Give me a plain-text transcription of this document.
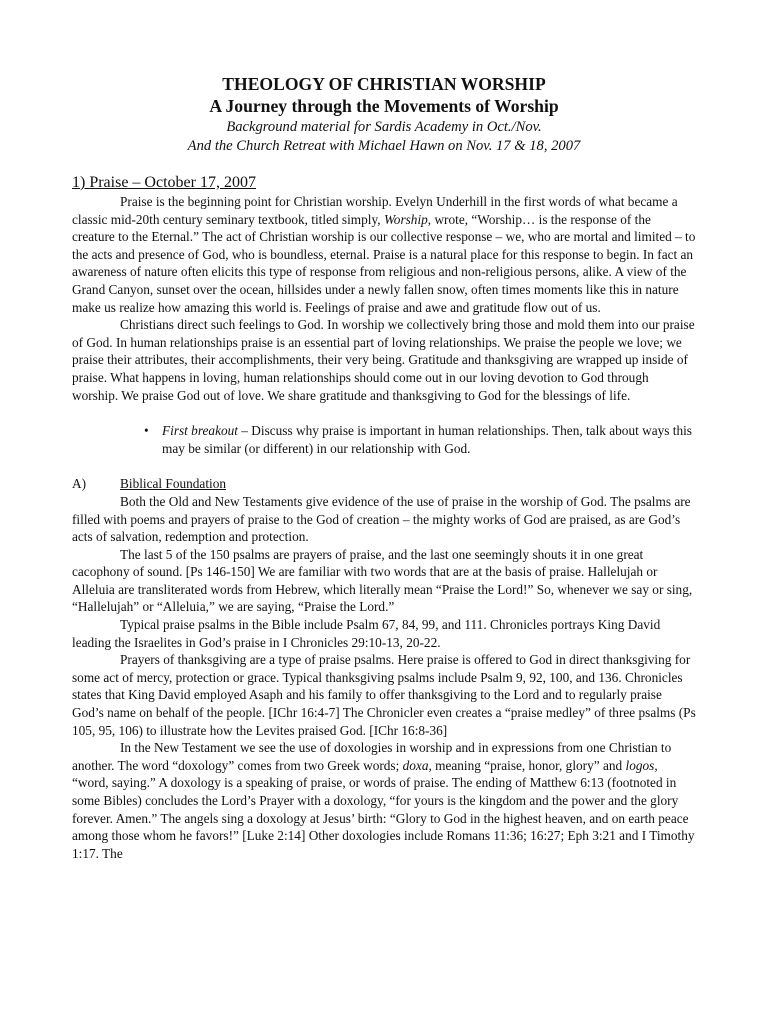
THEOLOGY OF CHRISTIAN WORSHIP
A Journey through the Movements of Worship
Background material for Sardis Academy in Oct./Nov.
And the Church Retreat with Michael Hawn on Nov. 17 & 18, 2007
1) Praise – October 17, 2007

Praise is the beginning point for Christian worship. Evelyn Underhill in the first words of what became a classic mid-20th century seminary textbook, titled simply, Worship, wrote, “Worship… is the response of the creature to the Eternal.” The act of Christian worship is our collective response – we, who are mortal and limited – to the acts and presence of God, who is boundless, eternal. Praise is a natural place for this response to begin. In fact an awareness of nature often elicits this type of response from religious and non-religious persons, alike. A view of the Grand Canyon, sunset over the ocean, hillsides under a newly fallen snow, often times moments like this in nature make us realize how amazing this world is. Feelings of praise and awe and gratitude flow out of us.

Christians direct such feelings to God. In worship we collectively bring those and mold them into our praise of God. In human relationships praise is an essential part of loving relationships. We praise the people we love; we praise their attributes, their accomplishments, their very being. Gratitude and thanksgiving are wrapped up inside of praise. What happens in loving, human relationships should come out in our loving devotion to God through worship. We praise God out of love. We share gratitude and thanksgiving to God for the blessings of life.

• First breakout – Discuss why praise is important in human relationships. Then, talk about ways this may be similar (or different) in our relationship with God.
A)	Biblical Foundation

Both the Old and New Testaments give evidence of the use of praise in the worship of God. The psalms are filled with poems and prayers of praise to the God of creation – the mighty works of God are praised, as are God’s acts of salvation, redemption and protection.

The last 5 of the 150 psalms are prayers of praise, and the last one seemingly shouts it in one great cacophony of sound. [Ps 146-150] We are familiar with two words that are at the basis of praise. Hallelujah or Alleluia are transliterated words from Hebrew, which literally mean “Praise the Lord!” So, whenever we say or sing, “Hallelujah” or “Alleluia,” we are saying, “Praise the Lord.”

Typical praise psalms in the Bible include Psalm 67, 84, 99, and 111. Chronicles portrays King David leading the Israelites in God’s praise in I Chronicles 29:10-13, 20-22.

Prayers of thanksgiving are a type of praise psalms. Here praise is offered to God in direct thanksgiving for some act of mercy, protection or grace. Typical thanksgiving psalms include Psalm 9, 92, 100, and 136. Chronicles states that King David employed Asaph and his family to offer thanksgiving to the Lord and to regularly praise God’s name on behalf of the people. [IChr 16:4-7] The Chronicler even creates a “praise medley” of three psalms (Ps 105, 95, 106) to illustrate how the Levites praised God. [IChr 16:8-36]

In the New Testament we see the use of doxologies in worship and in expressions from one Christian to another. The word “doxology” comes from two Greek words; doxa, meaning “praise, honor, glory” and logos, “word, saying.” A doxology is a speaking of praise, or words of praise. The ending of Matthew 6:13 (footnoted in some Bibles) concludes the Lord’s Prayer with a doxology, “for yours is the kingdom and the power and the glory forever. Amen.” The angels sing a doxology at Jesus’ birth: “Glory to God in the highest heaven, and on earth peace among those whom he favors!” [Luke 2:14] Other doxologies include Romans 11:36; 16:27; Eph 3:21 and I Timothy 1:17. The
